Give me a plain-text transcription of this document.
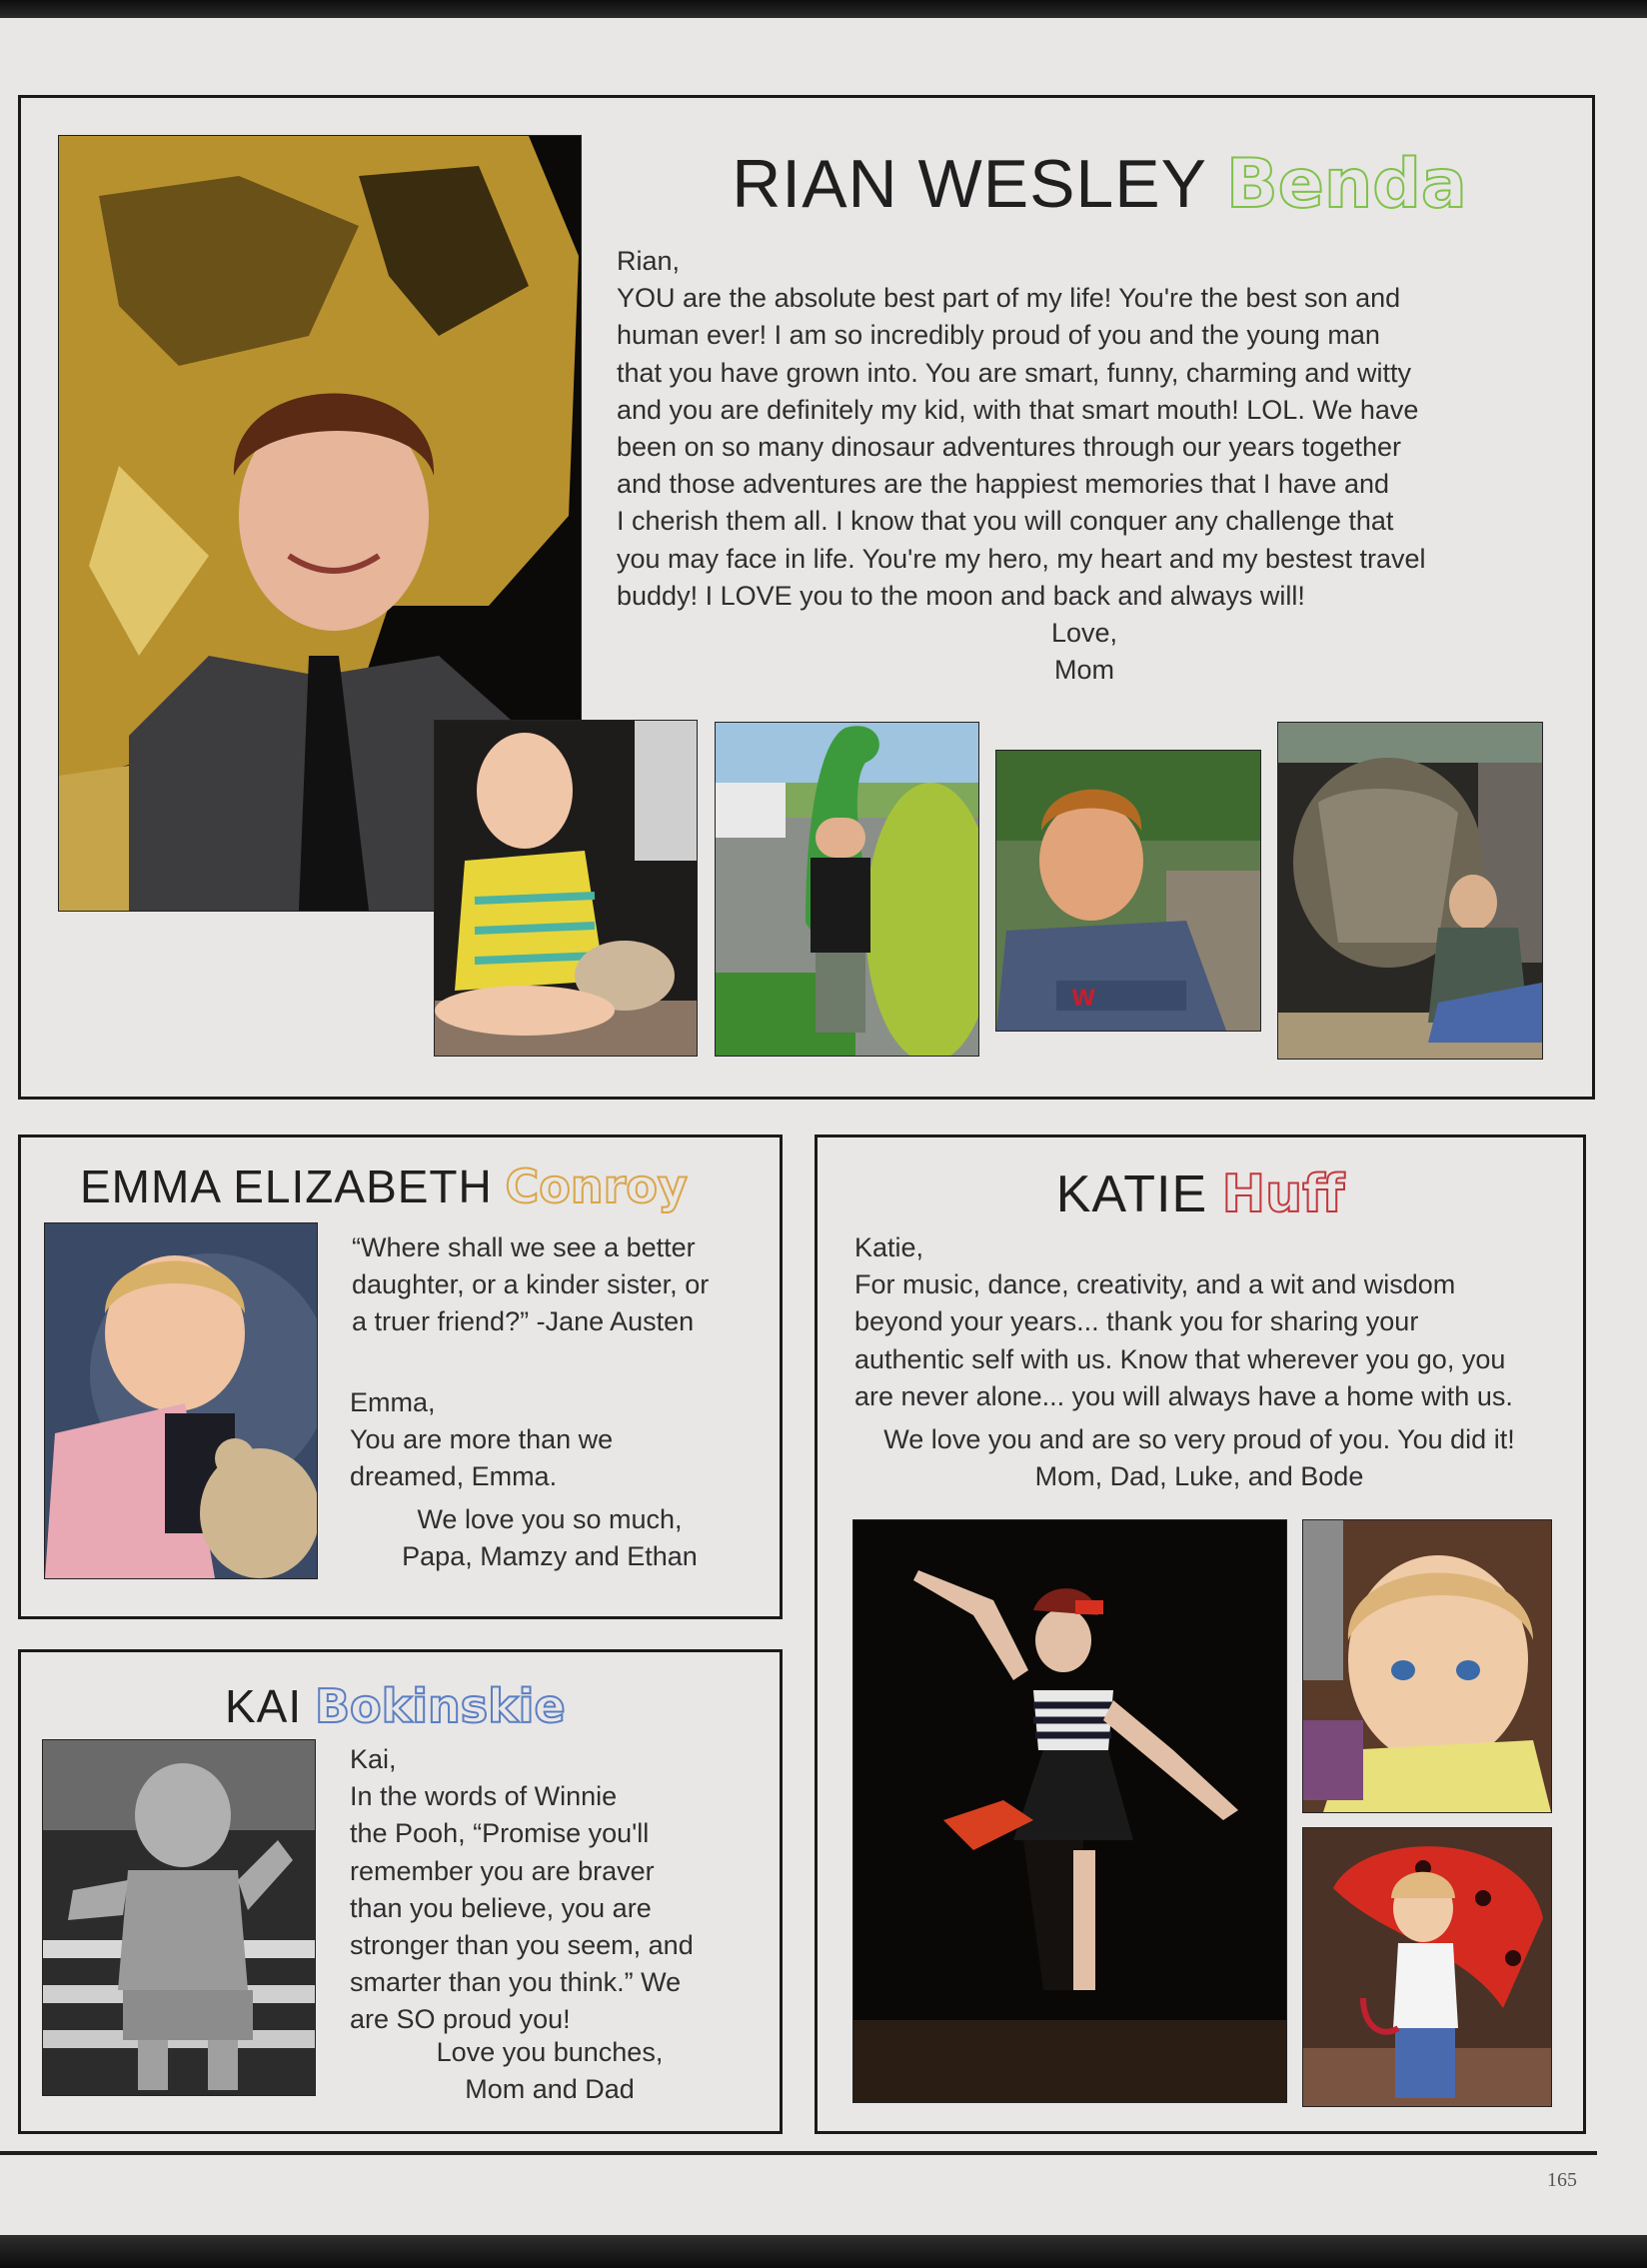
RIAN WESLEY Benda
Rian,
YOU are the absolute best part of my life! You're the best son and
human ever! I am so incredibly proud of you and the young man
that you have grown into. You are smart, funny, charming and witty
and you are definitely my kid, with that smart mouth! LOL. We have
been on so many dinosaur adventures through our years together
and those adventures are the happiest memories that I have and
I cherish them all. I know that you will conquer any challenge that
you may face in life. You're my hero, my heart and my bestest travel
buddy! I LOVE you to the moon and back and always will!
Love,
Mom
W
EMMA ELIZABETH Conroy
“Where shall we see a better
daughter, or a kinder sister, or
a truer friend?” -Jane Austen
Emma,
You are more than we
dreamed, Emma.
We love you so much,
Papa, Mamzy and Ethan
KAI Bokinskie
Kai,
In the words of Winnie
the Pooh, “Promise you'll
remember you are braver
than you believe, you are
stronger than you seem, and
smarter than you think.” We
are SO proud you!
Love you bunches,
Mom and Dad
KATIE Huff
Katie,
For music, dance, creativity, and a wit and wisdom
beyond your years... thank you for sharing your
authentic self with us. Know that wherever you go, you
are never alone... you will always have a home with us.
We love you and are so very proud of you. You did it!
Mom, Dad, Luke, and Bode
165
